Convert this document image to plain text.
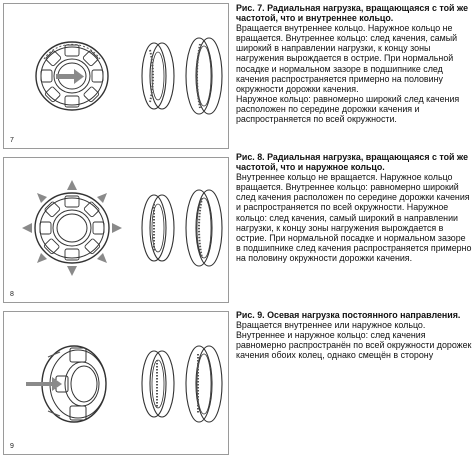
7
8
9

Рис. 7. Радиальная нагрузка, вращающаяся с той же частотой, что и внутреннее кольцо.

Вращается внутреннее кольцо. Наружное кольцо не вращается. Внутреннее кольцо: след качения, самый широкий в направлении нагрузки, к концу зоны нагружения вырождается в острие. При нормальной посадке и нормальном зазоре в подшипнике след качения распространяется примерно на половину окружности дорожки качения.

Наружное кольцо: равномерно широкий след качения расположен по середине дорожки качения и распространяется по всей окружности.

Рис. 8. Радиальная нагрузка, вращающаяся с той же частотой, что и наружное кольцо.

Внутреннее кольцо не вращается. Наружное кольцо вращается. Внутреннее кольцо: равномерно широкий след качения расположен по середине дорожки качения и распространяется по всей окружности. Наружное кольцо: след качения, самый широкий в направлении нагрузки, к концу зоны нагружения вырождается в острие. При нормальной посадке и нормальном зазоре в подшипнике след качения распространяется примерно на половину окружности дорожки качения.

Рис. 9. Осевая нагрузка постоянного направления.

Вращается внутреннее или наружное кольцо. Внутреннее и наружное кольцо: след качения равномерно распространён по всей окружности дорожек качения обоих колец, однако смещён в сторону
